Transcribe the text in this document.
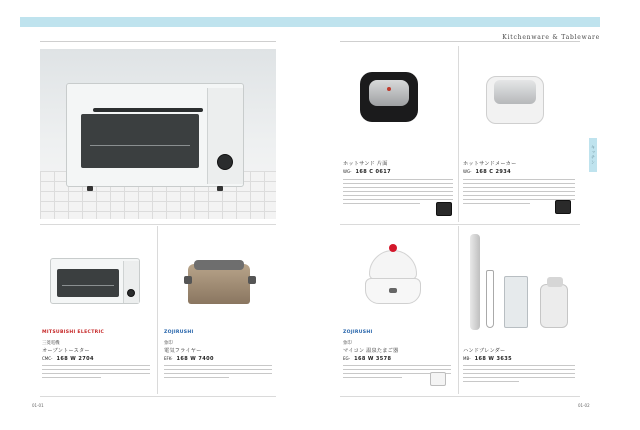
Kitchenware & Tableware
キッチン
ホットサンド 片面
WG- 168 C 0617
ホットサンドメーカー
WG- 168 C 2934
MITSUBISHI ELECTRIC
三菱電機
オーブントースター
CMC- 168 W 2704
ZOJIRUSHI
象印
電気フライヤー
EFK- 168 W 7400
ZOJIRUSHI
象印
マイコン 温泉たまご器
EG- 168 W 3578
ハンドブレンダー
MB- 168 W 3635
01-01	01-02
